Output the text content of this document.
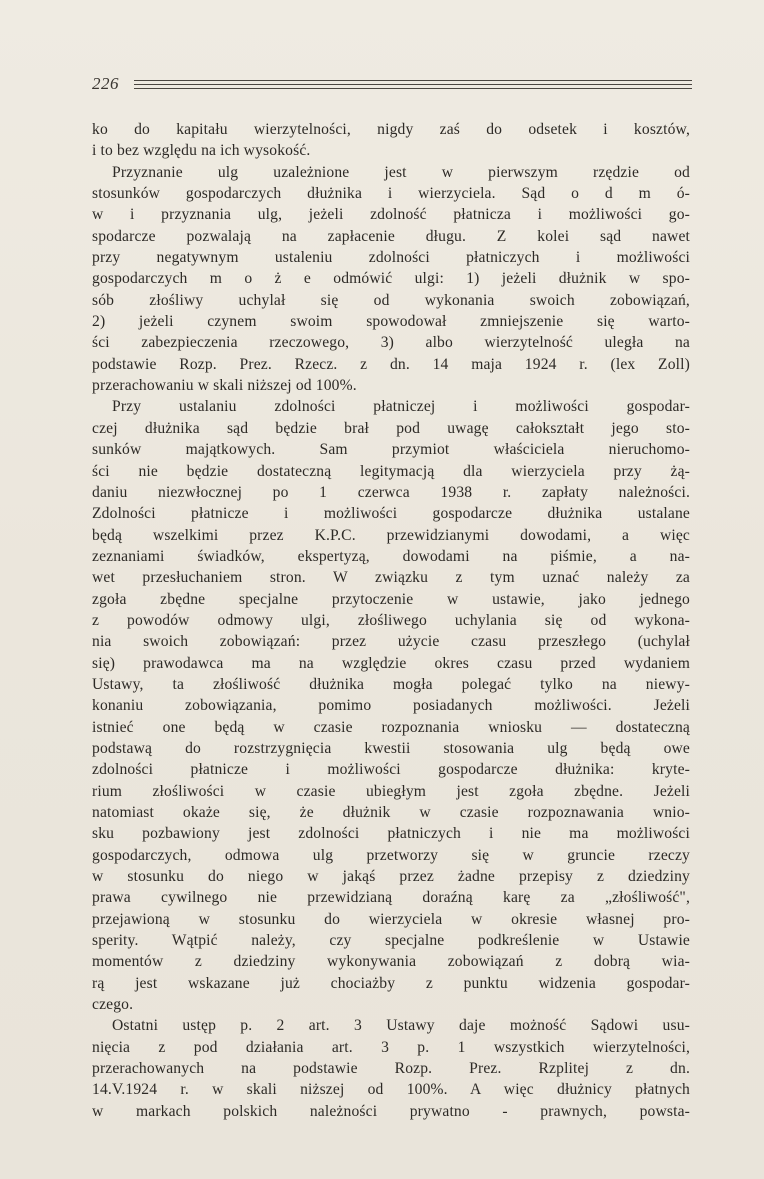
226
ko do kapitału wierzytelności, nigdy zaś do odsetek i kosztów,
i to bez względu na ich wysokość.
Przyznanie ulg uzależnione jest w pierwszym rzędzie od
stosunków gospodarczych dłużnika i wierzyciela. Sąd o d m ó-
w i przyznania ulg, jeżeli zdolność płatnicza i możliwości go-
spodarcze pozwalają na zapłacenie długu. Z kolei sąd nawet
przy negatywnym ustaleniu zdolności płatniczych i możliwości
gospodarczych m o ż e odmówić ulgi: 1) jeżeli dłużnik w spo-
sób złośliwy uchylał się od wykonania swoich zobowiązań,
2) jeżeli czynem swoim spowodował zmniejszenie się warto-
ści zabezpieczenia rzeczowego, 3) albo wierzytelność uległa na
podstawie Rozp. Prez. Rzecz. z dn. 14 maja 1924 r. (lex Zoll)
przerachowaniu w skali niższej od 100%.
Przy ustalaniu zdolności płatniczej i możliwości gospodar-
czej dłużnika sąd będzie brał pod uwagę całokształt jego sto-
sunków majątkowych. Sam przymiot właściciela nieruchomo-
ści nie będzie dostateczną legitymacją dla wierzyciela przy żą-
daniu niezwłocznej po 1 czerwca 1938 r. zapłaty należności.
Zdolności płatnicze i możliwości gospodarcze dłużnika ustalane
będą wszelkimi przez K.P.C. przewidzianymi dowodami, a więc
zeznaniami świadków, ekspertyzą, dowodami na piśmie, a na-
wet przesłuchaniem stron. W związku z tym uznać należy za
zgoła zbędne specjalne przytoczenie w ustawie, jako jednego
z powodów odmowy ulgi, złośliwego uchylania się od wykona-
nia swoich zobowiązań: przez użycie czasu przeszłego (uchylał
się) prawodawca ma na względzie okres czasu przed wydaniem
Ustawy, ta złośliwość dłużnika mogła polegać tylko na niewy-
konaniu zobowiązania, pomimo posiadanych możliwości. Jeżeli
istnieć one będą w czasie rozpoznania wniosku — dostateczną
podstawą do rozstrzygnięcia kwestii stosowania ulg będą owe
zdolności płatnicze i możliwości gospodarcze dłużnika: kryte-
rium złośliwości w czasie ubiegłym jest zgoła zbędne. Jeżeli
natomiast okaże się, że dłużnik w czasie rozpoznawania wnio-
sku pozbawiony jest zdolności płatniczych i nie ma możliwości
gospodarczych, odmowa ulg przetworzy się w gruncie rzeczy
w stosunku do niego w jakąś przez żadne przepisy z dziedziny
prawa cywilnego nie przewidzianą doraźną karę za „złośliwość",
przejawioną w stosunku do wierzyciela w okresie własnej pro-
sperity. Wątpić należy, czy specjalne podkreślenie w Ustawie
momentów z dziedziny wykonywania zobowiązań z dobrą wia-
rą jest wskazane już chociażby z punktu widzenia gospodar-
czego.
Ostatni ustęp p. 2 art. 3 Ustawy daje możność Sądowi usu-
nięcia z pod działania art. 3 p. 1 wszystkich wierzytelności,
przerachowanych na podstawie Rozp. Prez. Rzplitej z dn.
14.V.1924 r. w skali niższej od 100%. A więc dłużnicy płatnych
w markach polskich należności prywatno - prawnych, powsta-
